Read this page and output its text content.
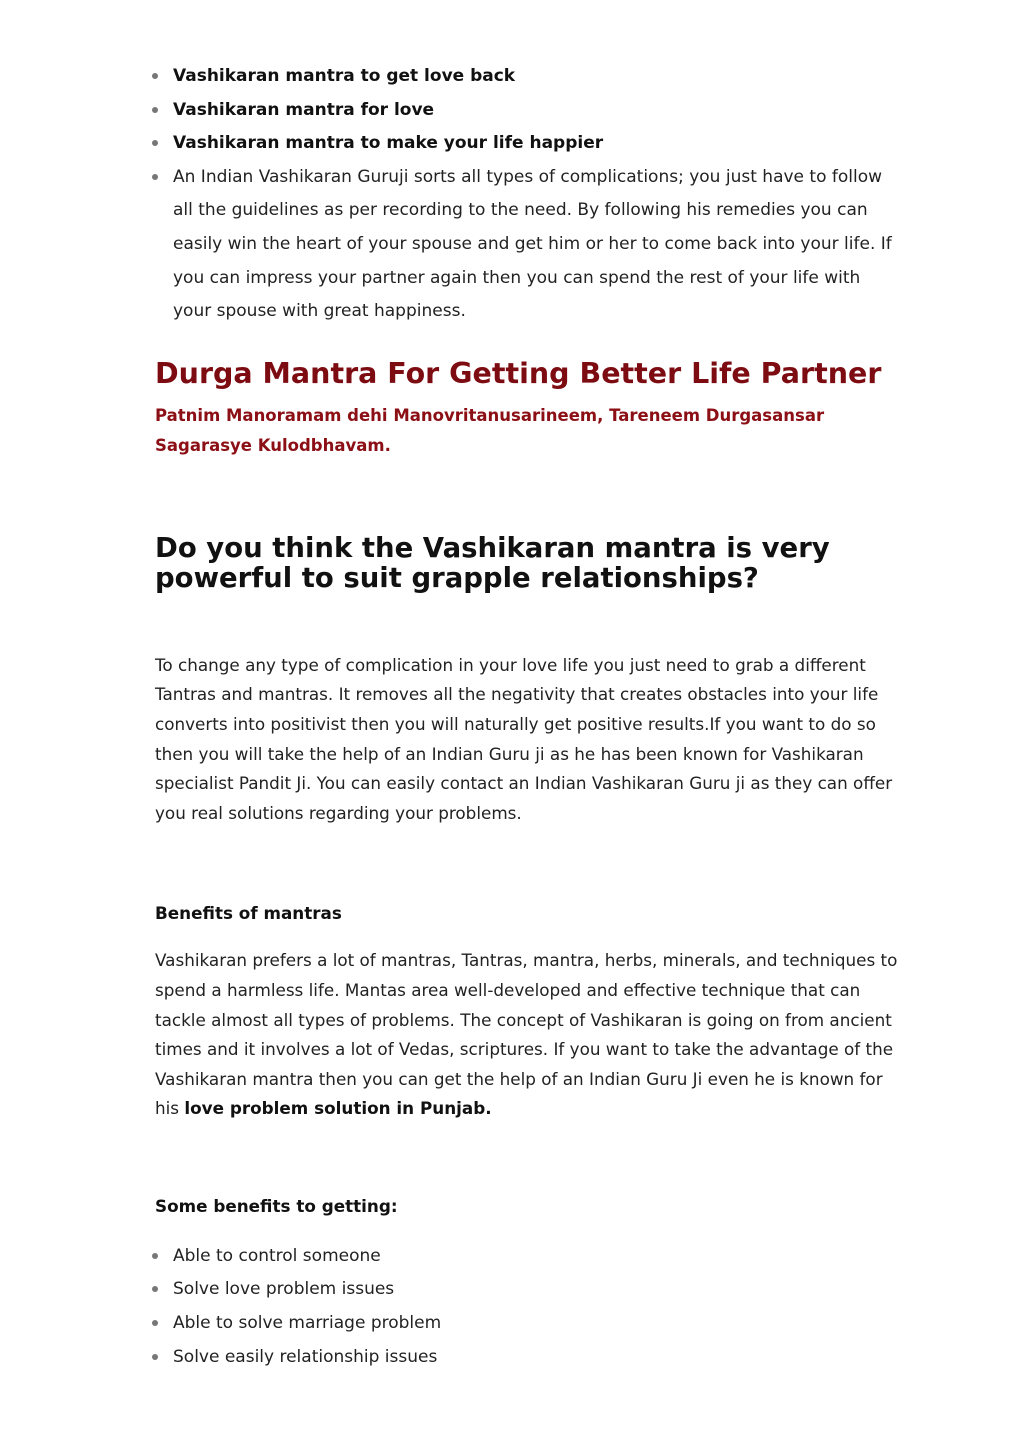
Vashikaran mantra to get love back
Vashikaran mantra for love
Vashikaran mantra to make your life happier
An Indian Vashikaran Guruji sorts all types of complications; you just have to follow all the guidelines as per recording to the need. By following his remedies you can easily win the heart of your spouse and get him or her to come back into your life. If you can impress your partner again then you can spend the rest of your life with your spouse with great happiness.
Durga Mantra For Getting Better Life Partner

Patnim Manoramam dehi Manovritanusarineem, Tareneem Durgasansar
Sagarasye Kulodbhavam.

Do you think the Vashikaran mantra is very powerful to suit grapple relationships?

To change any type of complication in your love life you just need to grab a different Tantras and mantras. It removes all the negativity that creates obstacles into your life converts into positivist then you will naturally get positive results.If you want to do so then you will take the help of an Indian Guru ji as he has been known for Vashikaran specialist Pandit Ji. You can easily contact an Indian Vashikaran Guru ji as they can offer you real solutions regarding your problems.

Benefits of mantras

Vashikaran prefers a lot of mantras, Tantras, mantra, herbs, minerals, and techniques to spend a harmless life. Mantas area well-developed and effective technique that can tackle almost all types of problems. The concept of Vashikaran is going on from ancient times and it involves a lot of Vedas, scriptures. If you want to take the advantage of the Vashikaran mantra then you can get the help of an Indian Guru Ji even he is known for his love problem solution in Punjab.

Some benefits to getting:

Able to control someone
Solve love problem issues
Able to solve marriage problem
Solve easily relationship issues
